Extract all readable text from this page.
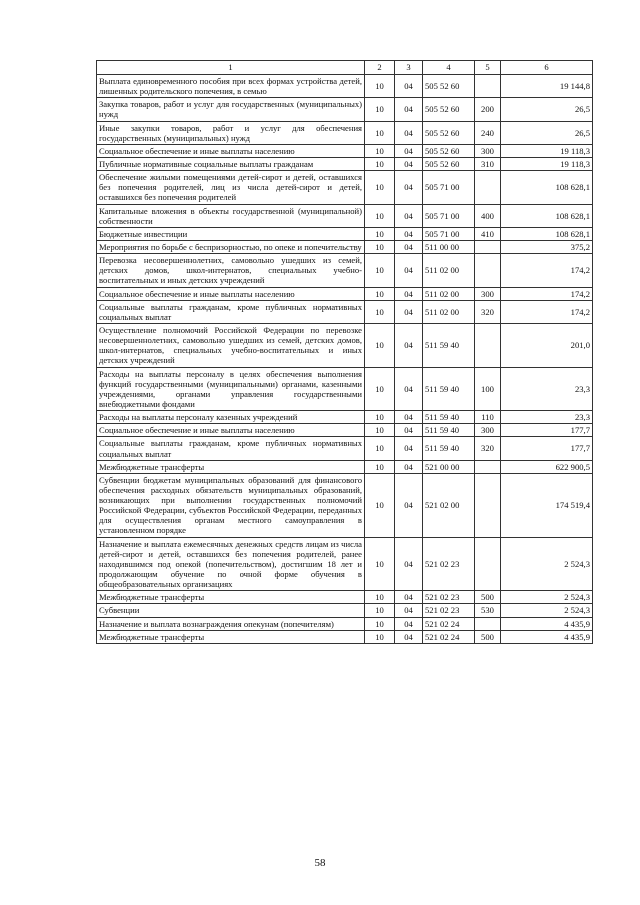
1	2	3	4	5	6
Выплата единовременного пособия при всех формах устройства детей, лишенных родительского попечения, в семью	10	04	505 52 60		19 144,8
Закупка товаров, работ и услуг для государственных (муниципальных) нужд	10	04	505 52 60	200	26,5
Иные закупки товаров, работ и услуг для обеспечения государственных (муниципальных) нужд	10	04	505 52 60	240	26,5
Социальное обеспечение и иные выплаты населению	10	04	505 52 60	300	19 118,3
Публичные нормативные социальные выплаты гражданам	10	04	505 52 60	310	19 118,3
Обеспечение жилыми помещениями детей-сирот и детей, оставшихся без попечения родителей, лиц из числа детей-сирот и детей, оставшихся без попечения родителей	10	04	505 71 00		108 628,1
Капитальные вложения в объекты государственной (муниципальной) собственности	10	04	505 71 00	400	108 628,1
Бюджетные инвестиции	10	04	505 71 00	410	108 628,1
Мероприятия по борьбе с беспризорностью, по опеке и попечительству	10	04	511 00 00		375,2
Перевозка несовершеннолетних, самовольно ушедших из семей, детских домов, школ-интернатов, специальных учебно-воспитательных и иных детских учреждений	10	04	511 02 00		174,2
Социальное обеспечение и иные выплаты населению	10	04	511 02 00	300	174,2
Социальные выплаты гражданам, кроме публичных нормативных социальных выплат	10	04	511 02 00	320	174,2
Осуществление полномочий Российской Федерации по перевозке несовершеннолетних, самовольно ушедших из семей, детских домов, школ-интернатов, специальных учебно-воспитательных и иных детских учреждений	10	04	511 59 40		201,0
Расходы на выплаты персоналу в целях обеспечения выполнения функций государственными (муниципальными) органами, казенными учреждениями, органами управления государственными внебюджетными фондами	10	04	511 59 40	100	23,3
Расходы на выплаты персоналу казенных учреждений	10	04	511 59 40	110	23,3
Социальное обеспечение и иные выплаты населению	10	04	511 59 40	300	177,7
Социальные выплаты гражданам, кроме публичных нормативных социальных выплат	10	04	511 59 40	320	177,7
Межбюджетные трансферты	10	04	521 00 00		622 900,5
Субвенции бюджетам муниципальных образований для финансового обеспечения расходных обязательств муниципальных образований, возникающих при выполнении государственных полномочий Российской Федерации, субъектов Российской Федерации, переданных для осуществления органам местного самоуправления в установленном порядке	10	04	521 02 00		174 519,4
Назначение и выплата ежемесячных денежных средств лицам из числа детей-сирот и детей, оставшихся без попечения родителей, ранее находившимся под опекой (попечительством), достигшим 18 лет и продолжающим обучение по очной форме обучения в общеобразовательных организациях	10	04	521 02 23		2 524,3
Межбюджетные трансферты	10	04	521 02 23	500	2 524,3
Субвенции	10	04	521 02 23	530	2 524,3
Назначение и выплата вознаграждения опекунам (попечителям)	10	04	521 02 24		4 435,9
Межбюджетные трансферты	10	04	521 02 24	500	4 435,9
58
